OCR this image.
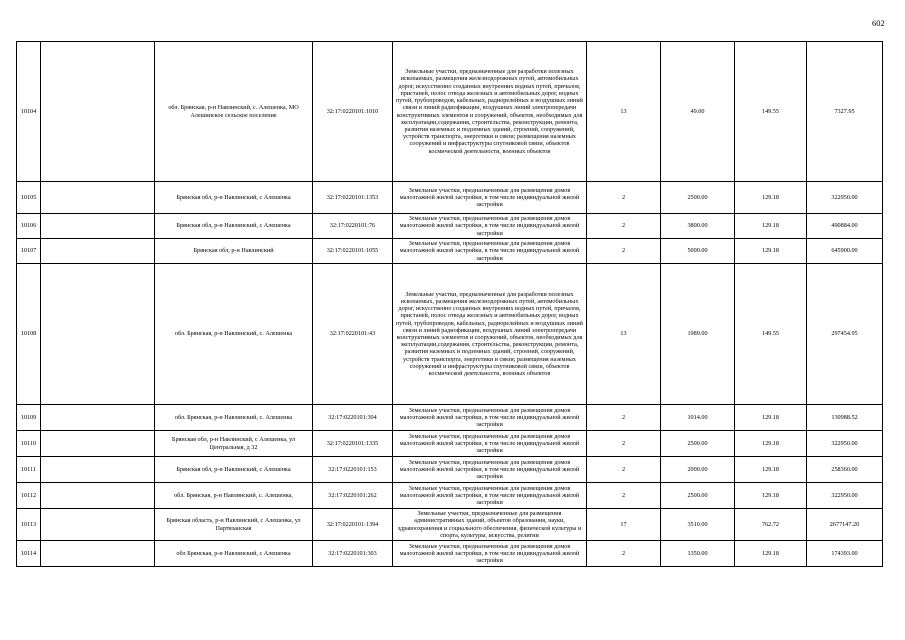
602
10104		обл. Брянская, р-н Навлинский, с. Алешенка, МО Алешинское сельское поселение	32:17:0220101:1010	Земельные участки, предназначенные для разработки полезных ископаемых, размещения железнодорожных путей, автомобильных дорог, искусственно созданных внутренних водных путей, причалов, пристаней, полос отвода железных и автомобильных дорог, водных путей, трубопроводов, кабельных, радиорелейных и воздушных линий связи и линий радиофикации, воздушных линий электропередачи конструктивных элементов и сооружений, объектов, необходимых для эксплуатации,содержания, строительства, реконструкции, ремонта, развития наземных и подземных зданий, строений, сооружений, устройств транспорта, энергетики и связи; размещения наземных сооружений и инфраструктуры спутниковой связи, объектов космической деятельности, военных объектов	13	49.00	149.55	7327.95
10105		Брянская обл, р-н Навлинский, с Алешенка	32:17:0220101:1353	Земельные участки, предназначенные для размещения домов малоэтажной жилой застройки, в том числе индивидуальной жилой застройки	2	2500.00	129.18	322950.00
10106		Брянская обл, р-н Навлинский, с Алешенка	32:17:0220101:76	Земельные участки, предназначенные для размещения домов малоэтажной жилой застройки, в том числе индивидуальной жилой застройки	2	3800.00	129.18	490884.00
10107		Брянская обл, р-н Навлинский	32:17:0220101:1055	Земельные участки, предназначенные для размещения домов малоэтажной жилой застройки, в том числе индивидуальной жилой застройки	2	5000.00	129.18	645900.00
10108		обл. Брянская, р-н Навлинский, с. Алешенка	32:17:0220101:43	Земельные участки, предназначенные для разработки полезных ископаемых, размещения железнодорожных путей, автомобильных дорог, искусственно созданных внутренних водных путей, причалов, пристаней, полос отвода железных и автомобильных дорог, водных путей, трубопроводов, кабельных, радиорелейных и воздушных линий связи и линий радиофикации, воздушных линий электропередачи конструктивных элементов и сооружений, объектов, необходимых для эксплуатации,содержания, строительства, реконструкции, ремонта, развития наземных и подземных зданий, строений, сооружений, устройств транспорта, энергетики и связи; размещения наземных сооружений и инфраструктуры спутниковой связи, объектов космической деятельности, военных объектов	13	1989.00	149.55	297454.95
10109		обл. Брянская, р-н Навлинский, с. Алешенка	32:17:0220101:304	Земельные участки, предназначенные для размещения домов малоэтажной жилой застройки, в том числе индивидуальной жилой застройки	2	1014.00	129.18	130988.52
10110		Брянская обл, р-н Навлинский, с Алешенка, ул Центральная, д 32	32:17:0220101:1335	Земельные участки, предназначенные для размещения домов малоэтажной жилой застройки, в том числе индивидуальной жилой застройки	2	2500.00	129.18	322950.00
10111		Брянская обл, р-н Навлинский, с Алешенка	32:17:0220101:153	Земельные участки, предназначенные для размещения домов малоэтажной жилой застройки, в том числе индивидуальной жилой застройки	2	2000.00	129.18	258360.00
10112		обл. Брянская, р-н Навлинский, с. Алешенка,	32:17:0220101:262	Земельные участки, предназначенные для размещения домов малоэтажной жилой застройки, в том числе индивидуальной жилой застройки	2	2500.00	129.18	322950.00
10113		Брянская область, р-н Навлинский, с Алешенка, ул Партизанская	32:17:0220101:1394	Земельные участки, предназначенные для размещения административных зданий, объектов образования, науки, здравоохранения и социального обеспечения, физической культуры и спорта, культуры, искусства, религии	17	3510.00	762.72	2677147.20
10114		обл Брянская, р-н Навлинский, с Алешенка	32:17:0220101:303	Земельные участки, предназначенные для размещения домов малоэтажной жилой застройки, в том числе индивидуальной жилой застройки	2	1350.00	129.18	174393.00
